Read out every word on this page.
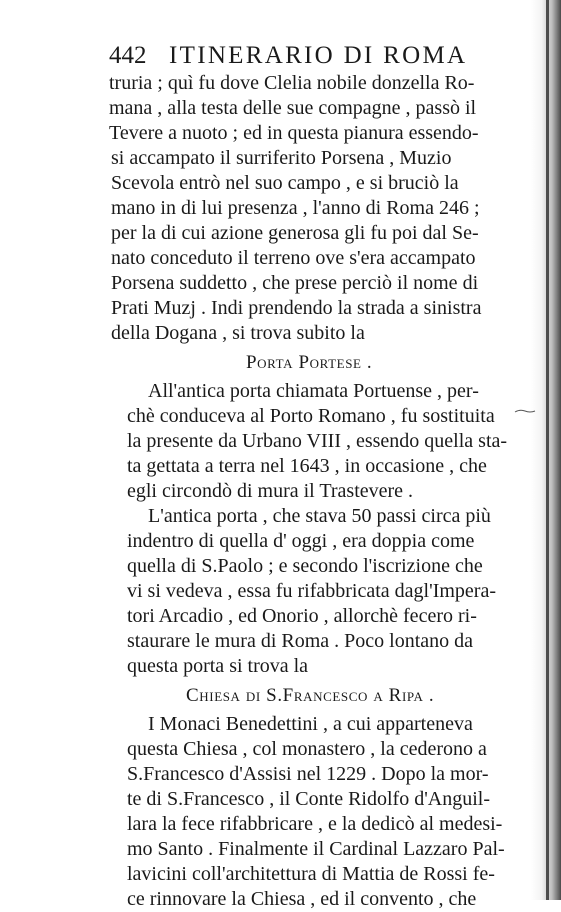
442 ITINERARIO DI ROMA
truria ; quì fu dove Clelia nobile donzella Ro-
mana , alla testa delle sue compagne , passò il
Tevere a nuoto ; ed in questa pianura essendo-
si accampato il surriferito Porsena , Muzio
Scevola entrò nel suo campo , e si bruciò la
mano in di lui presenza , l'anno di Roma 246 ;
per la di cui azione generosa gli fu poi dal Se-
nato conceduto il terreno ove s'era accampato
Porsena suddetto , che prese perciò il nome di
Prati Muzj . Indi prendendo la strada a sinistra
della Dogana , si trova subito la
Porta Portese .
All'antica porta chiamata Portuense , per-
chè conduceva al Porto Romano , fu sostituita
la presente da Urbano VIII , essendo quella sta-
ta gettata a terra nel 1643 , in occasione , che
egli circondò di mura il Trastevere .
L'antica porta , che stava 50 passi circa più
indentro di quella d' oggi , era doppia come
quella di S.Paolo ; e secondo l'iscrizione che
vi si vedeva , essa fu rifabbricata dagl'Impera-
tori Arcadio , ed Onorio , allorchè fecero ri-
staurare le mura di Roma . Poco lontano da
questa porta si trova la
Chiesa di S.Francesco a Ripa .
I Monaci Benedettini , a cui apparteneva
questa Chiesa , col monastero , la cederono a
S.Francesco d'Assisi nel 1229 . Dopo la mor-
te di S.Francesco , il Conte Ridolfo d'Anguil-
lara la fece rifabbricare , e la dedicò al medesi-
mo Santo . Finalmente il Cardinal Lazzaro Pal-
lavicini coll'architettura di Mattia de Rossi fe-
ce rinnovare la Chiesa , ed il convento , che
